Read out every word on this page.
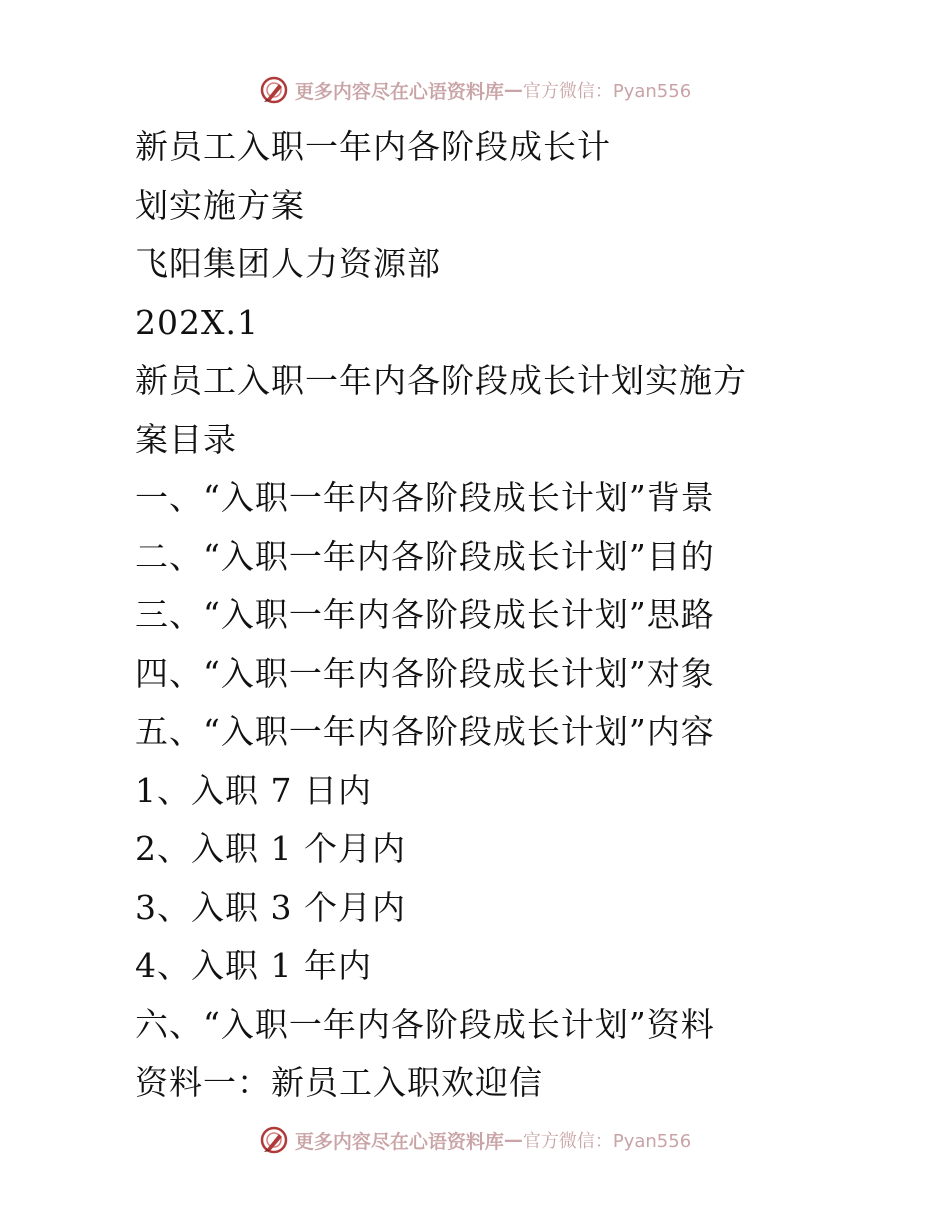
更多内容尽在心语资料库 — 官方微信：Pyan556
新员工入职一年内各阶段成长计
划实施方案
飞阳集团人力资源部
202X.1
新员工入职一年内各阶段成长计划实施方
案目录
一、“入职一年内各阶段成长计划”背景
二、“入职一年内各阶段成长计划”目的
三、“入职一年内各阶段成长计划”思路
四、“入职一年内各阶段成长计划”对象
五、“入职一年内各阶段成长计划”内容
1、入职 7 日内
2、入职 1 个月内
3、入职 3 个月内
4、入职 1 年内
六、“入职一年内各阶段成长计划”资料
资料一：新员工入职欢迎信
更多内容尽在心语资料库 — 官方微信：Pyan556
